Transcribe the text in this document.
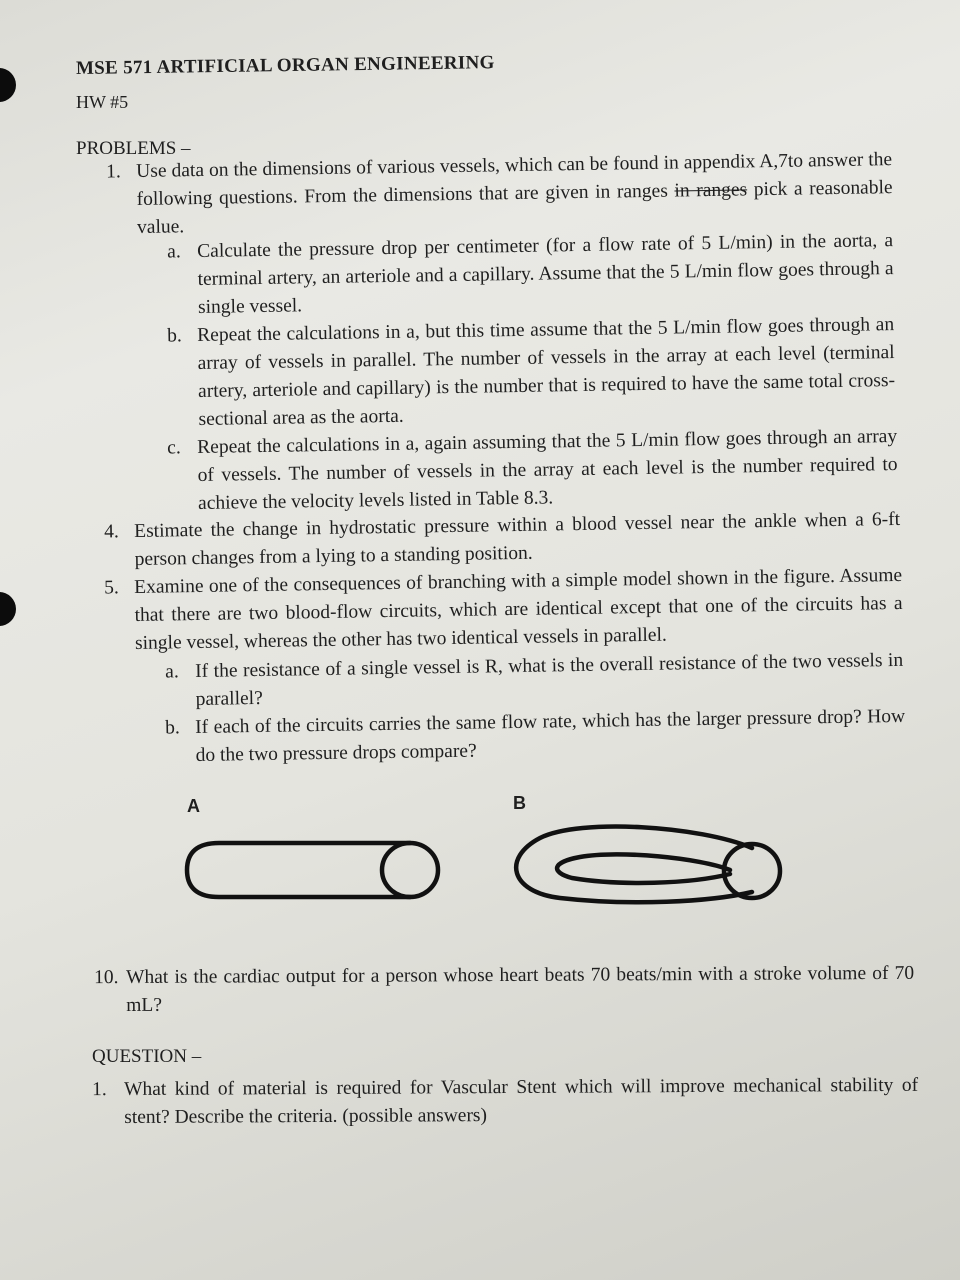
MSE 571 ARTIFICIAL ORGAN ENGINEERING
HW #5
PROBLEMS –
1. Use data on the dimensions of various vessels, which can be found in appendix A,7to answer the following questions. From the dimensions that are given in ranges in ranges pick a reasonable value.
a. Calculate the pressure drop per centimeter (for a flow rate of 5 L/min) in the aorta, a terminal artery, an arteriole and a capillary. Assume that the 5 L/min flow goes through a single vessel.
b. Repeat the calculations in a, but this time assume that the 5 L/min flow goes through an array of vessels in parallel. The number of vessels in the array at each level (terminal artery, arteriole and capillary) is the number that is required to have the same total cross-sectional area as the aorta.
c. Repeat the calculations in a, again assuming that the 5 L/min flow goes through an array of vessels. The number of vessels in the array at each level is the number required to achieve the velocity levels listed in Table 8.3.
4. Estimate the change in hydrostatic pressure within a blood vessel near the ankle when a 6-ft person changes from a lying to a standing position.
5. Examine one of the consequences of branching with a simple model shown in the figure. Assume that there are two blood-flow circuits, which are identical except that one of the circuits has a single vessel, whereas the other has two identical vessels in parallel.
a. If the resistance of a single vessel is R, what is the overall resistance of the two vessels in parallel?
b. If each of the circuits carries the same flow rate, which has the larger pressure drop? How do the two pressure drops compare?
A	B
10. What is the cardiac output for a person whose heart beats 70 beats/min with a stroke volume of 70 mL?
QUESTION –
1. What kind of material is required for Vascular Stent which will improve mechanical stability of stent? Describe the criteria. (possible answers)
